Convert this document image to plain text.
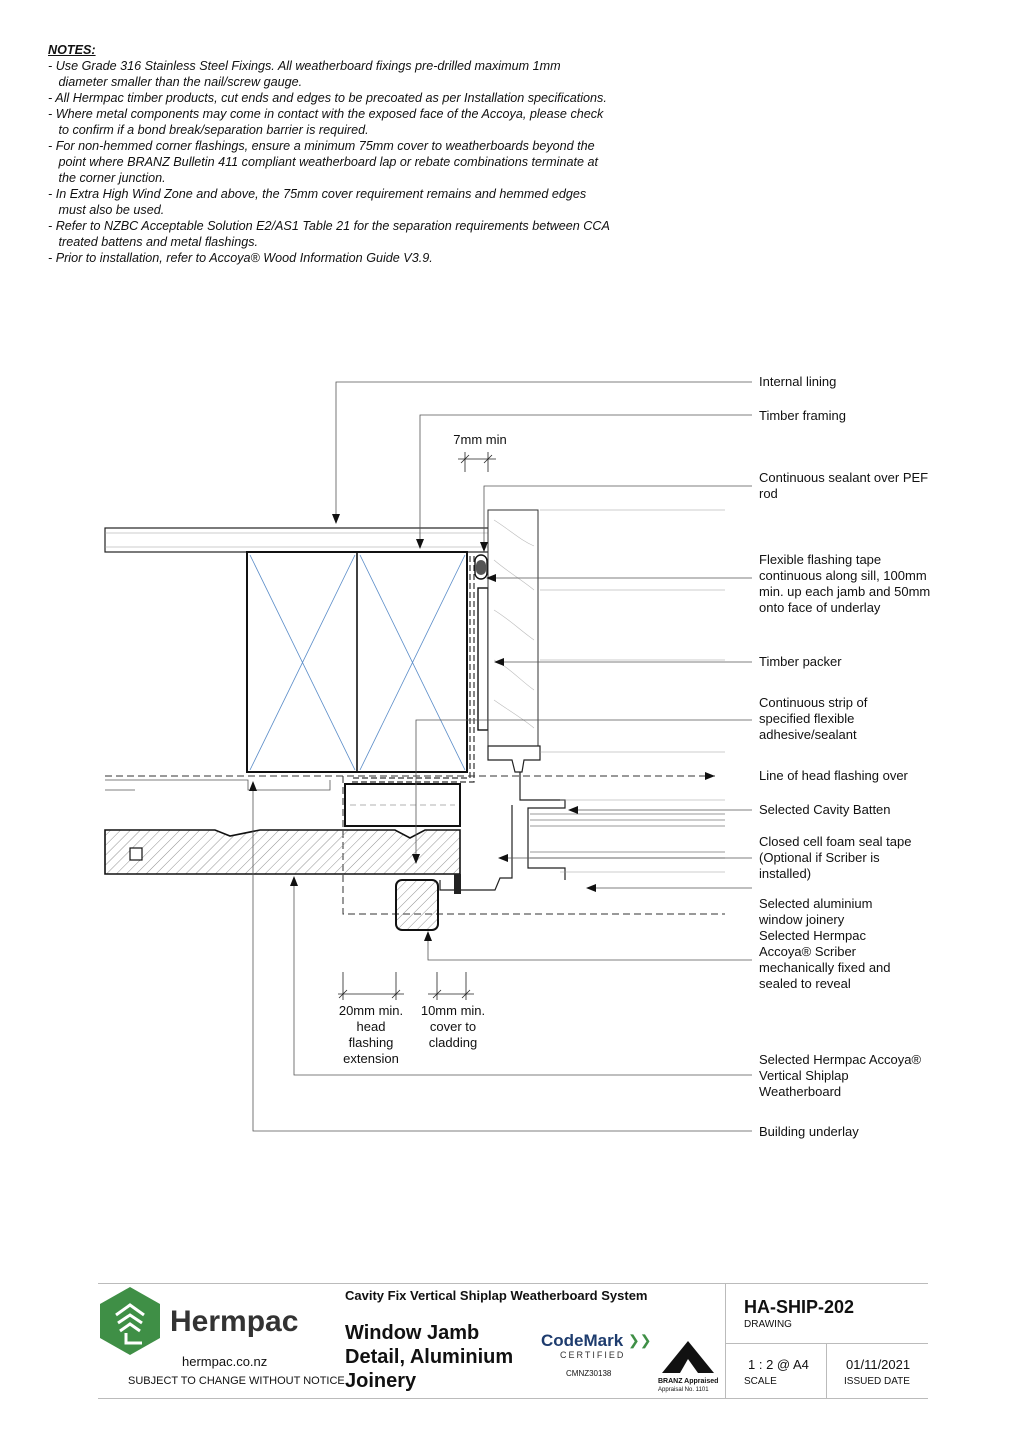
NOTES:
- Use Grade 316 Stainless Steel Fixings. All weatherboard fixings pre-drilled maximum 1mm
diameter smaller than the nail/screw gauge.
- All Hermpac timber products, cut ends and edges to be precoated as per Installation specifications.
- Where metal components may come in contact with the exposed face of the Accoya, please check
to confirm if a bond break/separation barrier is required.
- For non-hemmed corner flashings, ensure a minimum 75mm cover to weatherboards beyond the
point where BRANZ Bulletin 411 compliant weatherboard lap or rebate combinations terminate at
the corner junction.
- In Extra High Wind Zone and above, the 75mm cover requirement remains and hemmed edges
must also be used.
- Refer to NZBC Acceptable Solution E2/AS1 Table 21 for the separation requirements between CCA
treated battens and metal flashings.
- Prior to installation, refer to Accoya® Wood Information Guide V3.9.
Internal lining
Timber framing
Continuous sealant over PEF rod
Flexible flashing tape continuous along sill, 100mm min. up each jamb and 50mm onto face of underlay
Timber packer
Continuous strip of specified flexible adhesive/sealant
Line of head flashing over
Selected Cavity Batten
Closed cell foam seal tape (Optional if Scriber is installed)
Selected aluminium window joinery
Selected Hermpac Accoya® Scriber mechanically fixed and sealed to reveal
Selected Hermpac Accoya® Vertical Shiplap Weatherboard
Building underlay
7mm min
20mm min. head flashing extension
10mm min. cover to cladding
Hermpac
hermpac.co.nz
SUBJECT TO CHANGE WITHOUT NOTICE
Cavity Fix Vertical Shiplap Weatherboard System
Window Jamb Detail, Aluminium Joinery
CodeMark ❯❯
CERTIFIED
CMNZ30138
BRANZ Appraised
Appraisal No. 1101
HA-SHIP-202
DRAWING
1 : 2 @ A4
SCALE
01/11/2021
ISSUED DATE
